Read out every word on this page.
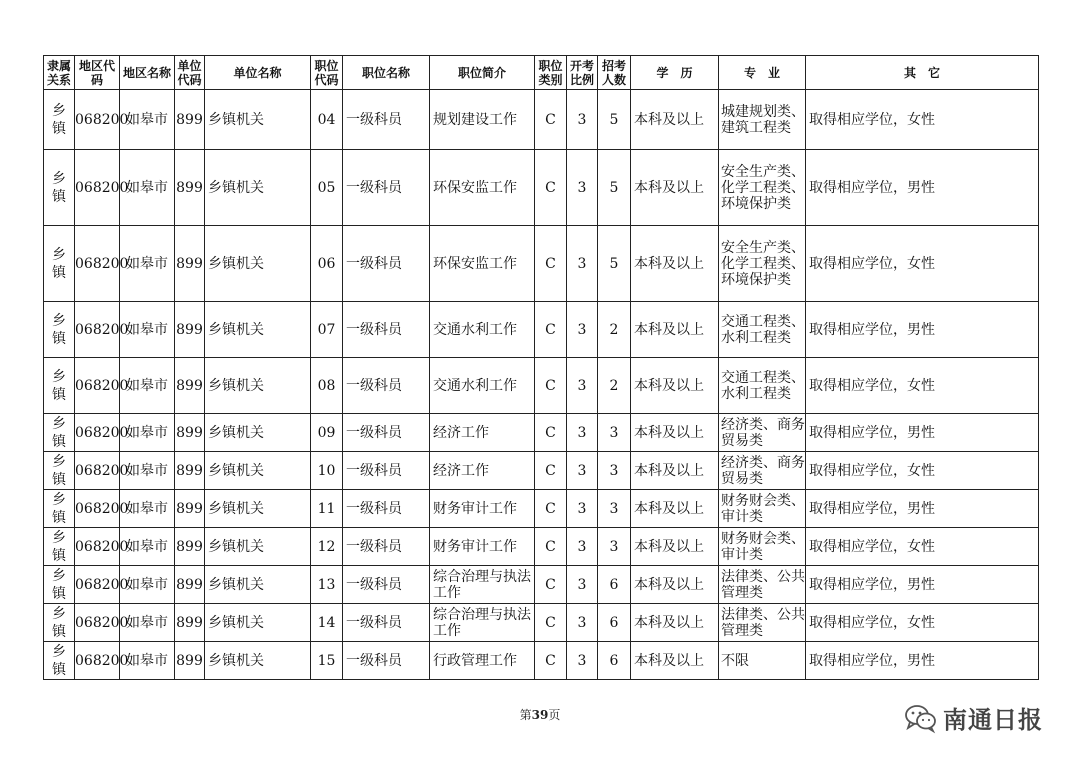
隶属关系	地区代码	地区名称	单位代码	单位名称	职位代码	职位名称	职位简介	职位类别	开考比例	招考人数	学　历	专　业	其　它
乡镇	068200	如皋市	899	乡镇机关	04	一级科员	规划建设工作	C	3	5	本科及以上	城建规划类、建筑工程类	取得相应学位，女性
乡镇	068200	如皋市	899	乡镇机关	05	一级科员	环保安监工作	C	3	5	本科及以上	安全生产类、化学工程类、环境保护类	取得相应学位，男性
乡镇	068200	如皋市	899	乡镇机关	06	一级科员	环保安监工作	C	3	5	本科及以上	安全生产类、化学工程类、环境保护类	取得相应学位，女性
乡镇	068200	如皋市	899	乡镇机关	07	一级科员	交通水利工作	C	3	2	本科及以上	交通工程类、水利工程类	取得相应学位，男性
乡镇	068200	如皋市	899	乡镇机关	08	一级科员	交通水利工作	C	3	2	本科及以上	交通工程类、水利工程类	取得相应学位，女性
乡镇	068200	如皋市	899	乡镇机关	09	一级科员	经济工作	C	3	3	本科及以上	经济类、商务贸易类	取得相应学位，男性
乡镇	068200	如皋市	899	乡镇机关	10	一级科员	经济工作	C	3	3	本科及以上	经济类、商务贸易类	取得相应学位，女性
乡镇	068200	如皋市	899	乡镇机关	11	一级科员	财务审计工作	C	3	3	本科及以上	财务财会类、审计类	取得相应学位，男性
乡镇	068200	如皋市	899	乡镇机关	12	一级科员	财务审计工作	C	3	3	本科及以上	财务财会类、审计类	取得相应学位，女性
乡镇	068200	如皋市	899	乡镇机关	13	一级科员	综合治理与执法工作	C	3	6	本科及以上	法律类、公共管理类	取得相应学位，男性
乡镇	068200	如皋市	899	乡镇机关	14	一级科员	综合治理与执法工作	C	3	6	本科及以上	法律类、公共管理类	取得相应学位，女性
乡镇	068200	如皋市	899	乡镇机关	15	一级科员	行政管理工作	C	3	6	本科及以上	不限	取得相应学位，男性
第39页	南通日报
